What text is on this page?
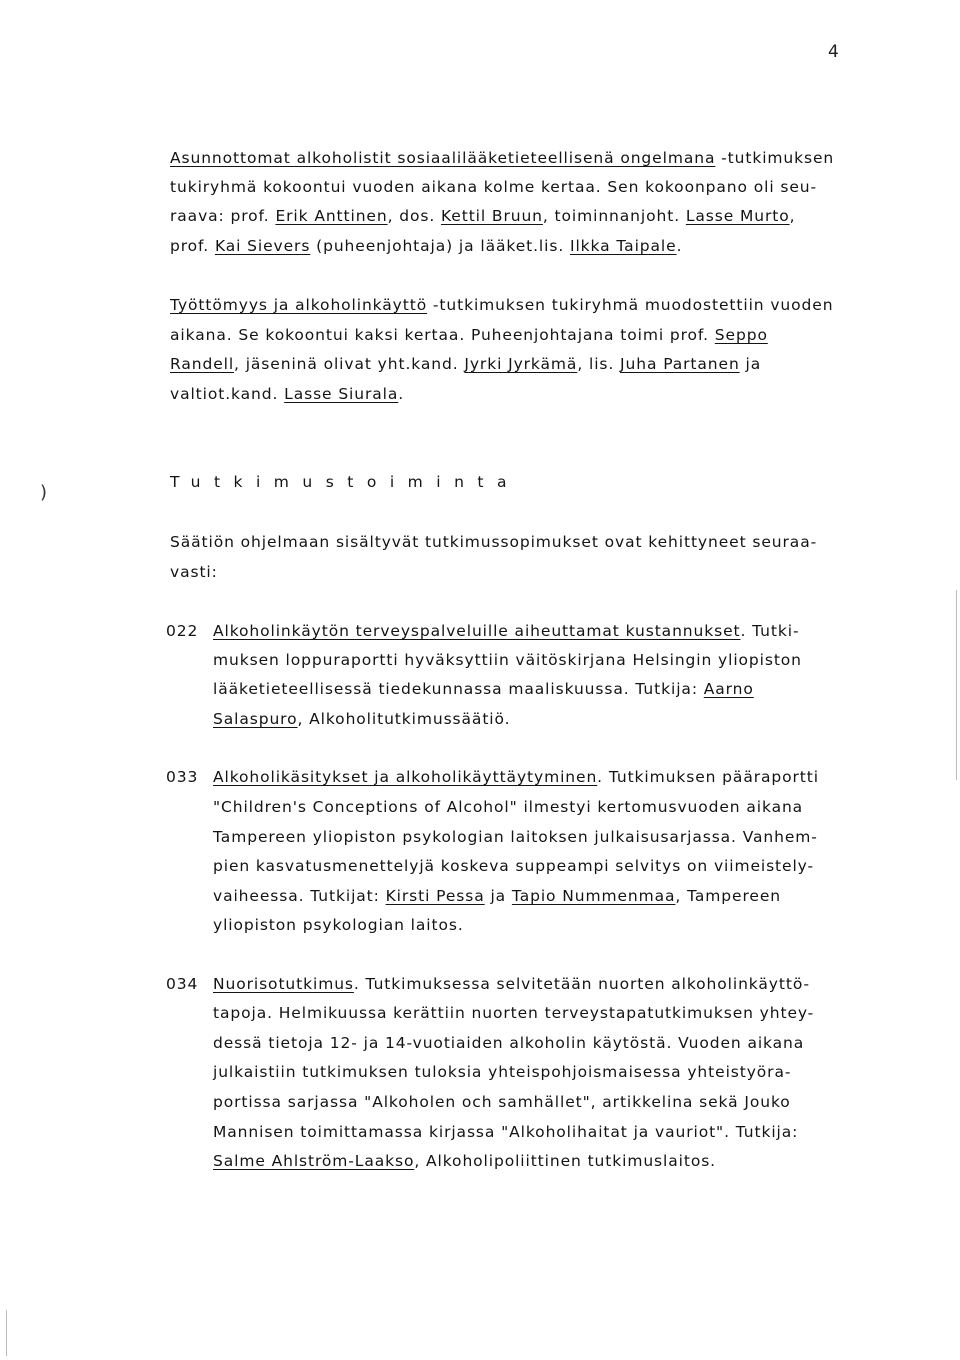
4
)
Asunnottomat alkoholistit sosiaalilääketieteellisenä ongelmana -tutkimuksen
tukiryhmä kokoontui vuoden aikana kolme kertaa. Sen kokoonpano oli seu-
raava: prof. Erik Anttinen, dos. Kettil Bruun, toiminnanjoht. Lasse Murto,
prof. Kai Sievers (puheenjohtaja) ja lääket.lis. Ilkka Taipale.
Työttömyys ja alkoholinkäyttö -tutkimuksen tukiryhmä muodostettiin vuoden
aikana. Se kokoontui kaksi kertaa. Puheenjohtajana toimi prof. Seppo
Randell, jäseninä olivat yht.kand. Jyrki Jyrkämä, lis. Juha Partanen ja
valtiot.kand. Lasse Siurala.
Tutkimustoiminta
Säätiön ohjelmaan sisältyvät tutkimussopimukset ovat kehittyneet seuraa-
vasti:
022 Alkoholinkäytön terveyspalveluille aiheuttamat kustannukset. Tutki-
muksen loppuraportti hyväksyttiin väitöskirjana Helsingin yliopiston
lääketieteellisessä tiedekunnassa maaliskuussa. Tutkija: Aarno
Salaspuro, Alkoholitutkimussäätiö.
033 Alkoholikäsitykset ja alkoholikäyttäytyminen. Tutkimuksen pääraportti
"Children's Conceptions of Alcohol" ilmestyi kertomusvuoden aikana
Tampereen yliopiston psykologian laitoksen julkaisusarjassa. Vanhem-
pien kasvatusmenettelyjä koskeva suppeampi selvitys on viimeistely-
vaiheessa. Tutkijat: Kirsti Pessa ja Tapio Nummenmaa, Tampereen
yliopiston psykologian laitos.
034 Nuorisotutkimus. Tutkimuksessa selvitetään nuorten alkoholinkäyttö-
tapoja. Helmikuussa kerättiin nuorten terveystapatutkimuksen yhtey-
dessä tietoja 12- ja 14-vuotiaiden alkoholin käytöstä. Vuoden aikana
julkaistiin tutkimuksen tuloksia yhteispohjoismaisessa yhteistyöra-
portissa sarjassa "Alkoholen och samhället", artikkelina sekä Jouko
Mannisen toimittamassa kirjassa "Alkoholihaitat ja vauriot". Tutkija:
Salme Ahlström-Laakso, Alkoholipoliittinen tutkimuslaitos.
